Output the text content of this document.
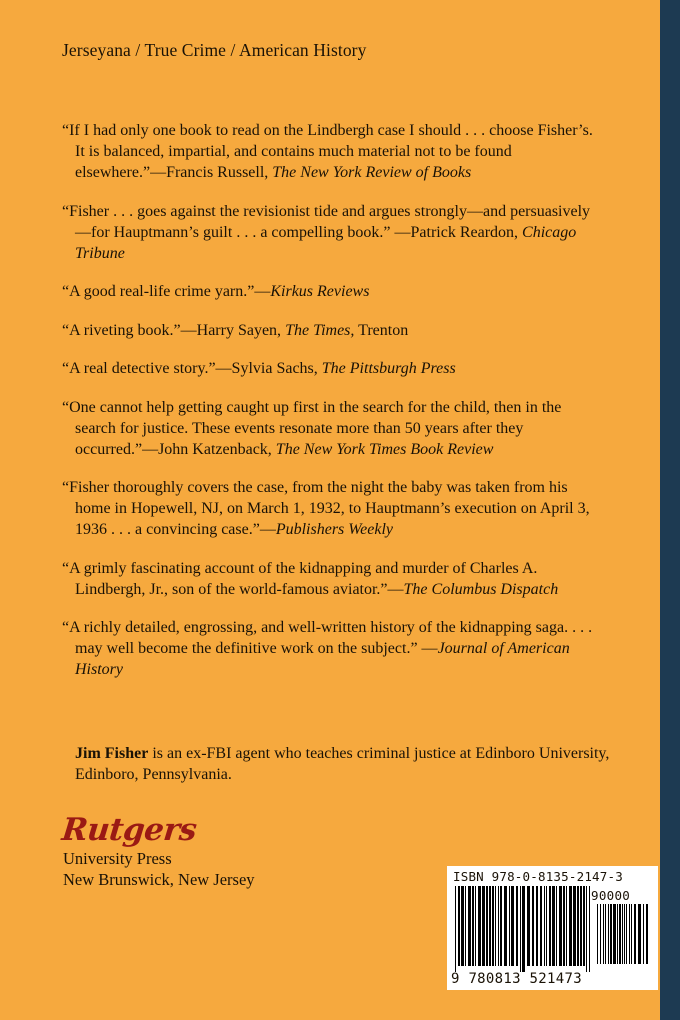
Jerseyana / True Crime / American History

“If I had only one book to read on the Lindbergh case I should . . . choose Fisher’s. It is balanced, impartial, and contains much material not to be found elsewhere.”—Francis Russell, The New York Review of Books

“Fisher . . . goes against the revisionist tide and argues strongly—and persuasively—for Hauptmann’s guilt . . . a compelling book.” —Patrick Reardon, Chicago Tribune

“A good real-life crime yarn.”—Kirkus Reviews

“A riveting book.”—Harry Sayen, The Times, Trenton

“A real detective story.”—Sylvia Sachs, The Pittsburgh Press

“One cannot help getting caught up first in the search for the child, then in the search for justice. These events resonate more than 50 years after they occurred.”—John Katzenback, The New York Times Book Review

“Fisher thoroughly covers the case, from the night the baby was taken from his home in Hopewell, NJ, on March 1, 1932, to Hauptmann’s execution on April 3, 1936 . . . a convincing case.”—Publishers Weekly

“A grimly fascinating account of the kidnapping and murder of Charles A. Lindbergh, Jr., son of the world-famous aviator.”—The Columbus Dispatch

“A richly detailed, engrossing, and well-written history of the kidnapping saga. . . . may well become the definitive work on the subject.” —Journal of American History

Jim Fisher is an ex-FBI agent who teaches criminal justice at Edinboro University, Edinboro, Pennsylvania.
Rutgers
University Press
New Brunswick, New Jersey	ISBN 978-0-8135-2147-3
90000
9 780813 521473
